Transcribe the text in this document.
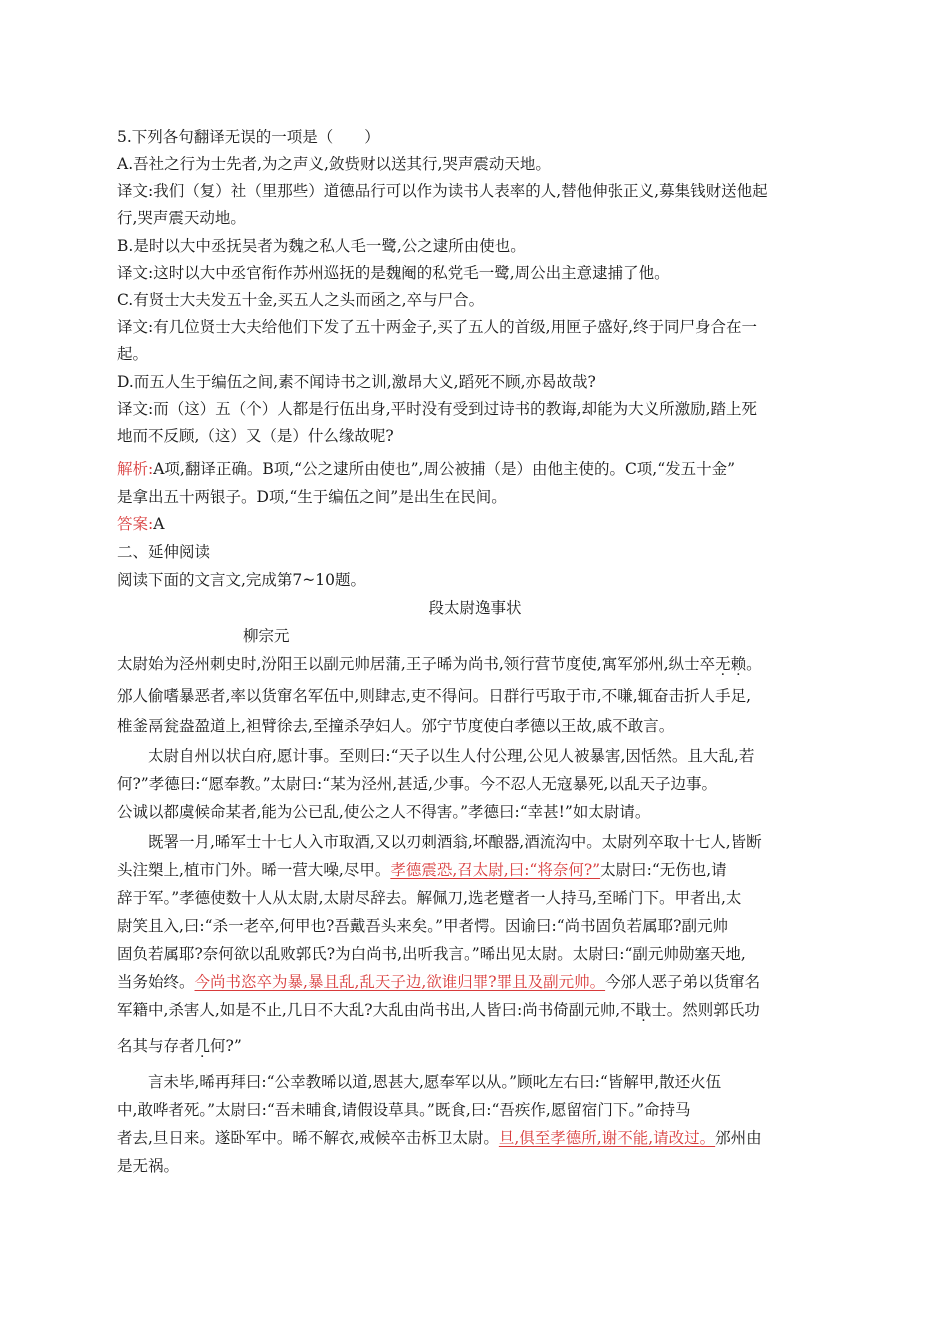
5.下列各句翻译无误的一项是（　　）
A.吾社之行为士先者,为之声义,敛赀财以送其行,哭声震动天地。
译文:我们（复）社（里那些）道德品行可以作为读书人表率的人,替他伸张正义,募集钱财送他起
行,哭声震天动地。
B.是时以大中丞抚吴者为魏之私人毛一鹭,公之逮所由使也。
译文:这时以大中丞官衔作苏州巡抚的是魏阉的私党毛一鹭,周公出主意逮捕了他。
C.有贤士大夫发五十金,买五人之头而函之,卒与尸合。
译文:有几位贤士大夫给他们下发了五十两金子,买了五人的首级,用匣子盛好,终于同尸身合在一
起。
D.而五人生于编伍之间,素不闻诗书之训,激昂大义,蹈死不顾,亦曷故哉?
译文:而（这）五（个）人都是行伍出身,平时没有受到过诗书的教诲,却能为大义所激励,踏上死
地而不反顾,（这）又（是）什么缘故呢?
解析:A项,翻译正确。B项,“公之逮所由使也”,周公被捕（是）由他主使的。C项,“发五十金”
是拿出五十两银子。D项,“生于编伍之间”是出生在民间。
答案:A
二、延伸阅读
阅读下面的文言文,完成第7~10题。
段太尉逸事状
柳宗元
太尉始为泾州刺史时,汾阳王以副元帅居蒲,王子晞为尚书,领行营节度使,寓军邠州,纵士卒无赖。
邠人偷嗜暴恶者,率以货窜名军伍中,则肆志,吏不得问。日群行丐取于市,不嗛,辄奋击折人手足,
椎釜鬲瓮盎盈道上,袒臂徐去,至撞杀孕妇人。邠宁节度使白孝德以王故,戚不敢言。
　　太尉自州以状白府,愿计事。至则曰:“天子以生人付公理,公见人被暴害,因恬然。且大乱,若
何?”孝德曰:“愿奉教。”太尉曰:“某为泾州,甚适,少事。今不忍人无寇暴死,以乱天子边事。
公诚以都虞候命某者,能为公已乱,使公之人不得害。”孝德曰:“幸甚!”如太尉请。
　　既署一月,晞军士十七人入市取酒,又以刃刺酒翁,坏酿器,酒流沟中。太尉列卒取十七人,皆断
头注槊上,植市门外。晞一营大噪,尽甲。孝德震恐,召太尉,曰:“将奈何?”太尉曰:“无伤也,请
辞于军。”孝德使数十人从太尉,太尉尽辞去。解佩刀,选老躄者一人持马,至晞门下。甲者出,太
尉笑且入,曰:“杀一老卒,何甲也?吾戴吾头来矣。”甲者愕。因谕曰:“尚书固负若属耶?副元帅
固负若属耶?奈何欲以乱败郭氏?为白尚书,出听我言。”晞出见太尉。太尉曰:“副元帅勋塞天地,
当务始终。今尚书恣卒为暴,暴且乱,乱天子边,欲谁归罪?罪且及副元帅。今邠人恶子弟以货窜名
军籍中,杀害人,如是不止,几日不大乱?大乱由尚书出,人皆曰:尚书倚副元帅,不戢士。然则郭氏功
名其与存者几何?”
　　言未毕,晞再拜曰:“公幸教晞以道,恩甚大,愿奉军以从。”顾叱左右曰:“皆解甲,散还火伍
中,敢哗者死。”太尉曰:“吾未晡食,请假设草具。”既食,曰:“吾疾作,愿留宿门下。”命持马
者去,旦日来。遂卧军中。晞不解衣,戒候卒击柝卫太尉。旦,俱至孝德所,谢不能,请改过。邠州由
是无祸。
